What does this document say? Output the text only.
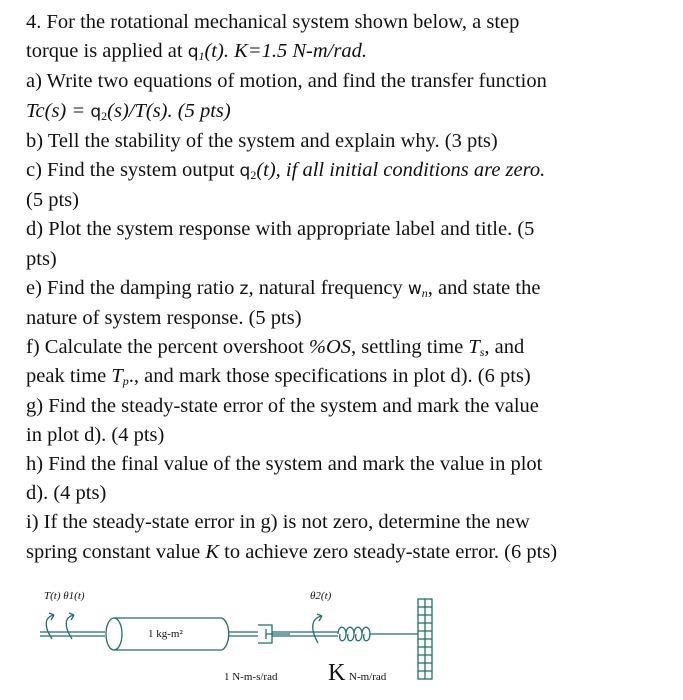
4. For the rotational mechanical system shown below, a step

torque is applied at $q_1(t)$. K=1.5 N-m/rad.

a) Write two equations of motion, and find the transfer function

$Tc(s) = q_2(s)/T(s)$. (5 pts)

b) Tell the stability of the system and explain why. (3 pts)

c) Find the system output $q_2(t)$, if all initial conditions are zero.

(5 pts)

d) Plot the system response with appropriate label and title. (5

pts)

e) Find the damping ratio z, natural frequency $w_n$, and state the

nature of system response. (5 pts)

f) Calculate the percent overshoot %OS, settling time $T_s$, and

peak time $T_p$., and mark those specifications in plot d). (6 pts)

g) Find the steady-state error of the system and mark the value

in plot d). (4 pts)

h) Find the final value of the system and mark the value in plot

d). (4 pts)

i) If the steady-state error in g) is not zero, determine the new

spring constant value K to achieve zero steady-state error. (6 pts)

T(t) θ1(t)	θ2(t)
1 kg-m²
1 N-m-s/rad K N-m/rad
